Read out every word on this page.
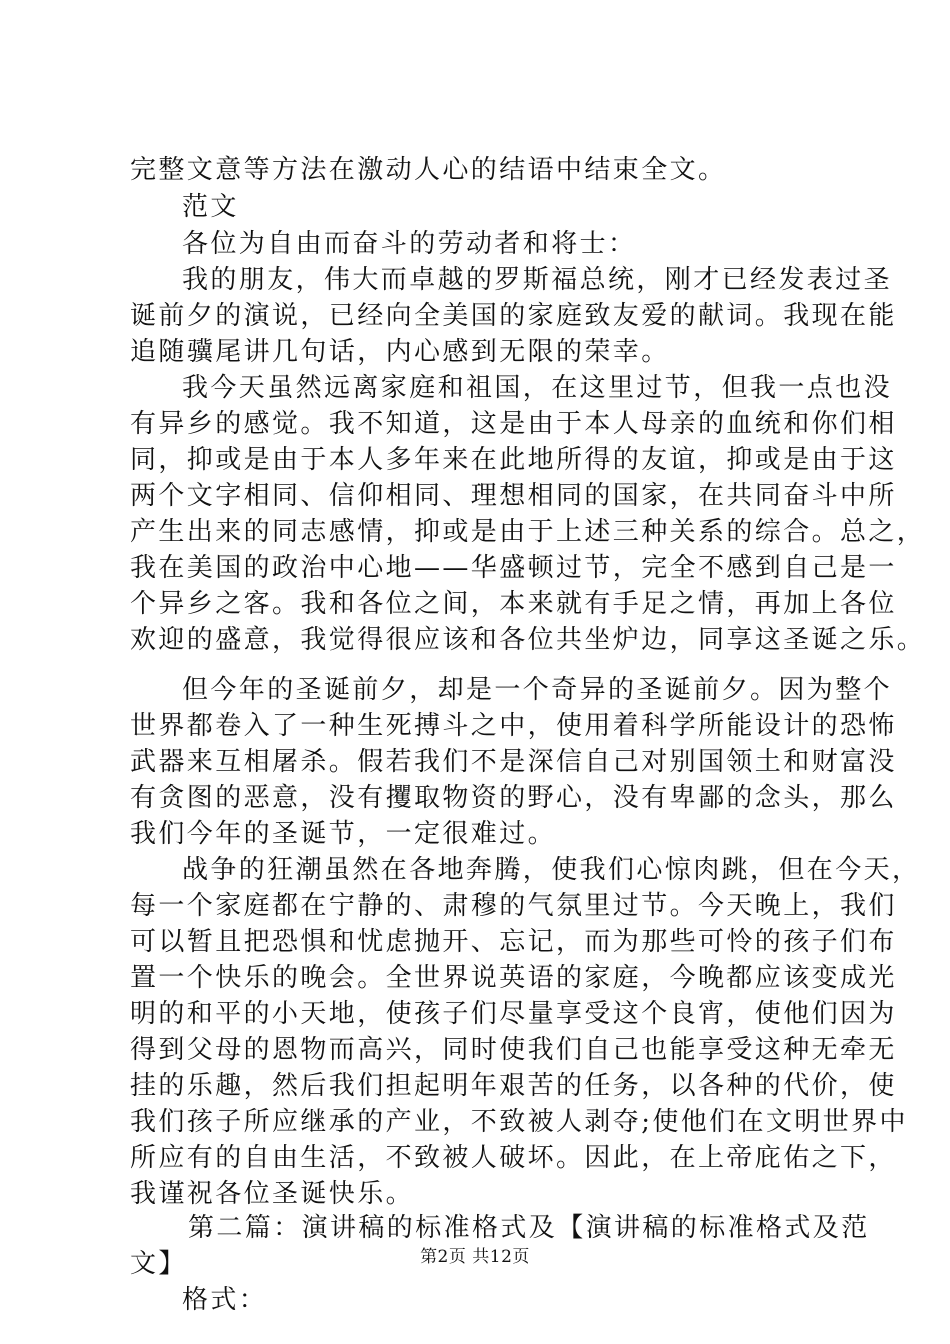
完整文意等方法在激动人心的结语中结束全文。
范文
各位为自由而奋斗的劳动者和将士：
我的朋友，伟大而卓越的罗斯福总统，刚才已经发表过圣
诞前夕的演说，已经向全美国的家庭致友爱的献词。我现在能
追随骥尾讲几句话，内心感到无限的荣幸。
我今天虽然远离家庭和祖国，在这里过节，但我一点也没
有异乡的感觉。我不知道，这是由于本人母亲的血统和你们相
同，抑或是由于本人多年来在此地所得的友谊，抑或是由于这
两个文字相同、信仰相同、理想相同的国家，在共同奋斗中所
产生出来的同志感情，抑或是由于上述三种关系的综合。总之，
我在美国的政治中心地——华盛顿过节，完全不感到自己是一
个异乡之客。我和各位之间，本来就有手足之情，再加上各位
欢迎的盛意，我觉得很应该和各位共坐炉边，同享这圣诞之乐。
但今年的圣诞前夕，却是一个奇异的圣诞前夕。因为整个
世界都卷入了一种生死搏斗之中，使用着科学所能设计的恐怖
武器来互相屠杀。假若我们不是深信自己对别国领土和财富没
有贪图的恶意，没有攫取物资的野心，没有卑鄙的念头，那么
我们今年的圣诞节，一定很难过。
战争的狂潮虽然在各地奔腾，使我们心惊肉跳，但在今天，
每一个家庭都在宁静的、肃穆的气氛里过节。今天晚上，我们
可以暂且把恐惧和忧虑抛开、忘记，而为那些可怜的孩子们布
置一个快乐的晚会。全世界说英语的家庭，今晚都应该变成光
明的和平的小天地，使孩子们尽量享受这个良宵，使他们因为
得到父母的恩物而高兴，同时使我们自己也能享受这种无牵无
挂的乐趣，然后我们担起明年艰苦的任务，以各种的代价，使
我们孩子所应继承的产业，不致被人剥夺;使他们在文明世界中
所应有的自由生活，不致被人破坏。因此，在上帝庇佑之下，
我谨祝各位圣诞快乐。
第二篇：演讲稿的标准格式及【演讲稿的标准格式及范
文】
格式：
第2页 共12页
